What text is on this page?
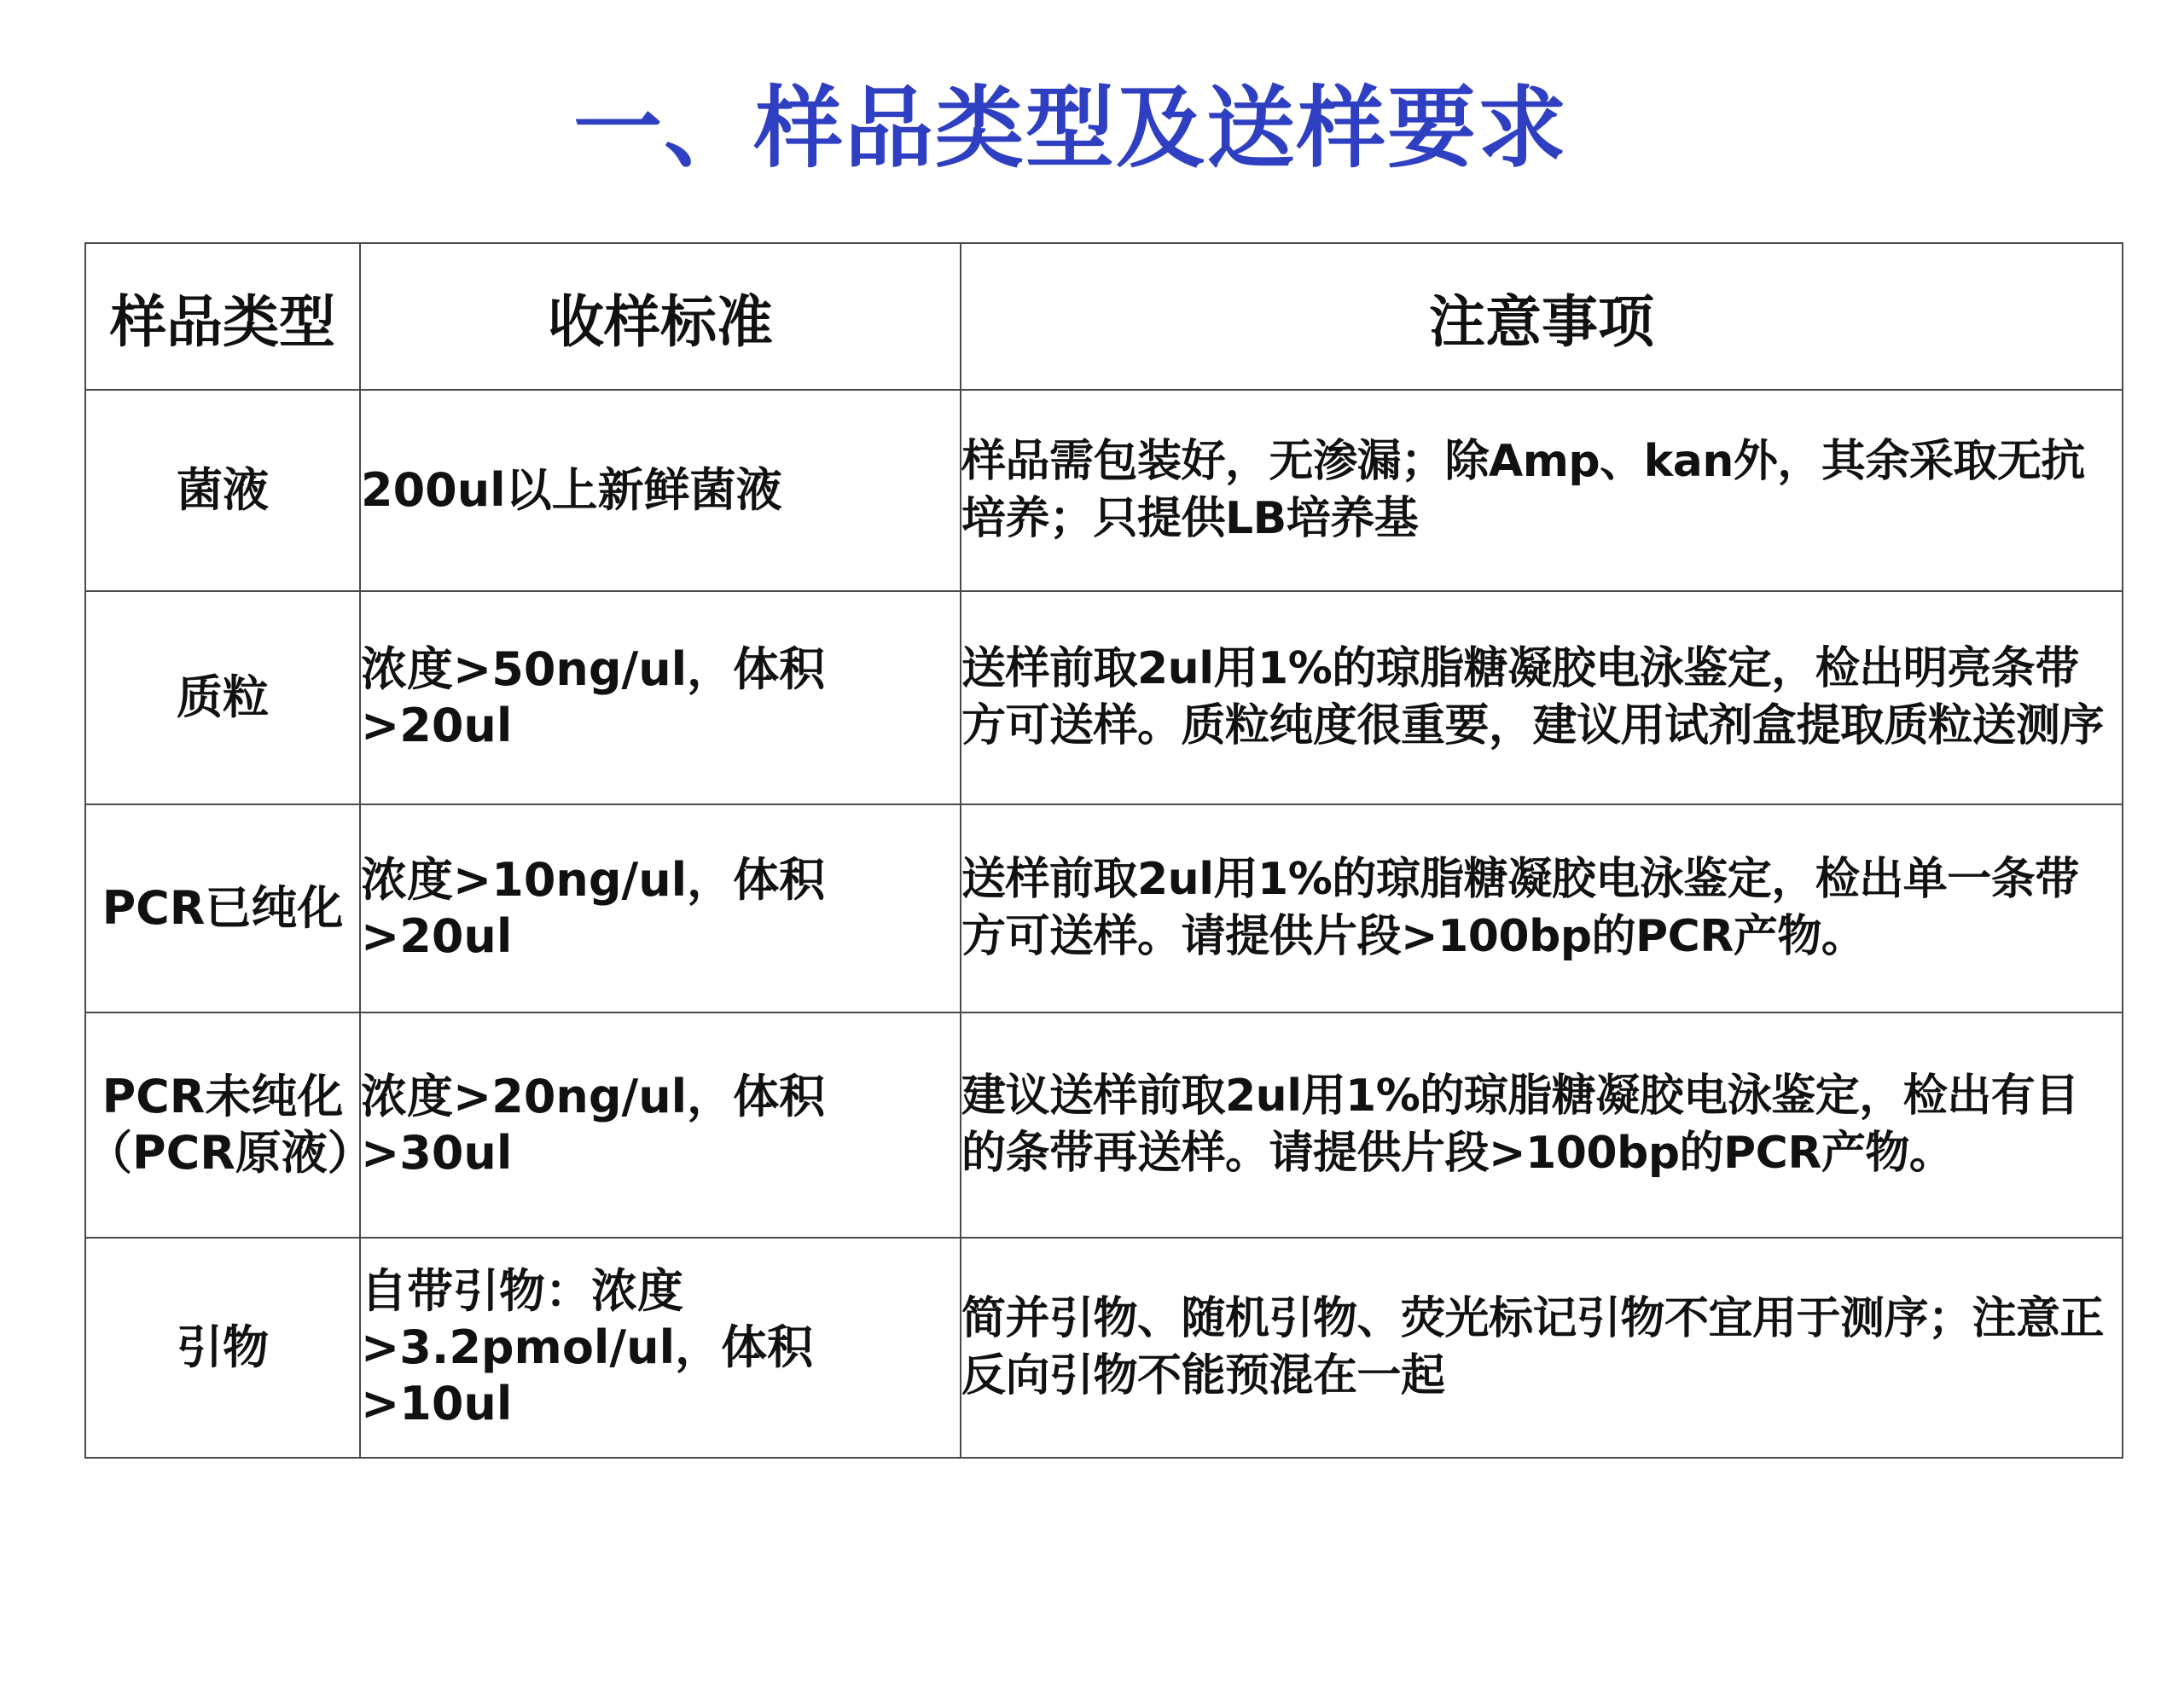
一、样品类型及送样要求
样品类型	收样标准	注意事项
菌液	200ul以上新鲜菌液	样品需包装好，无渗漏；除Amp、kan外，其余采取无抗培养；只提供LB培养基
质粒	浓度>50ng/ul，体积>20ul	送样前取2ul用1%的琼脂糖凝胶电泳鉴定，检出明亮条带方可送样。质粒纯度很重要，建议用试剂盒提取质粒送测序
PCR已纯化	浓度>10ng/ul，体积>20ul	送样前取2ul用1%的琼脂糖凝胶电泳鉴定，检出单一条带方可送样。请提供片段>100bp的PCR产物。
PCR未纯化（PCR原液）	浓度>20ng/ul，体积>30ul	建议送样前取2ul用1%的琼脂糖凝胶电泳鉴定，检出有目的条带再送样。请提供片段>100bp的PCR产物。
引物	自带引物：浓度>3.2pmol/ul，体积>10ul	简并引物、随机引物、荧光标记引物不宜用于测序；注意正反向引物不能预混在一起
